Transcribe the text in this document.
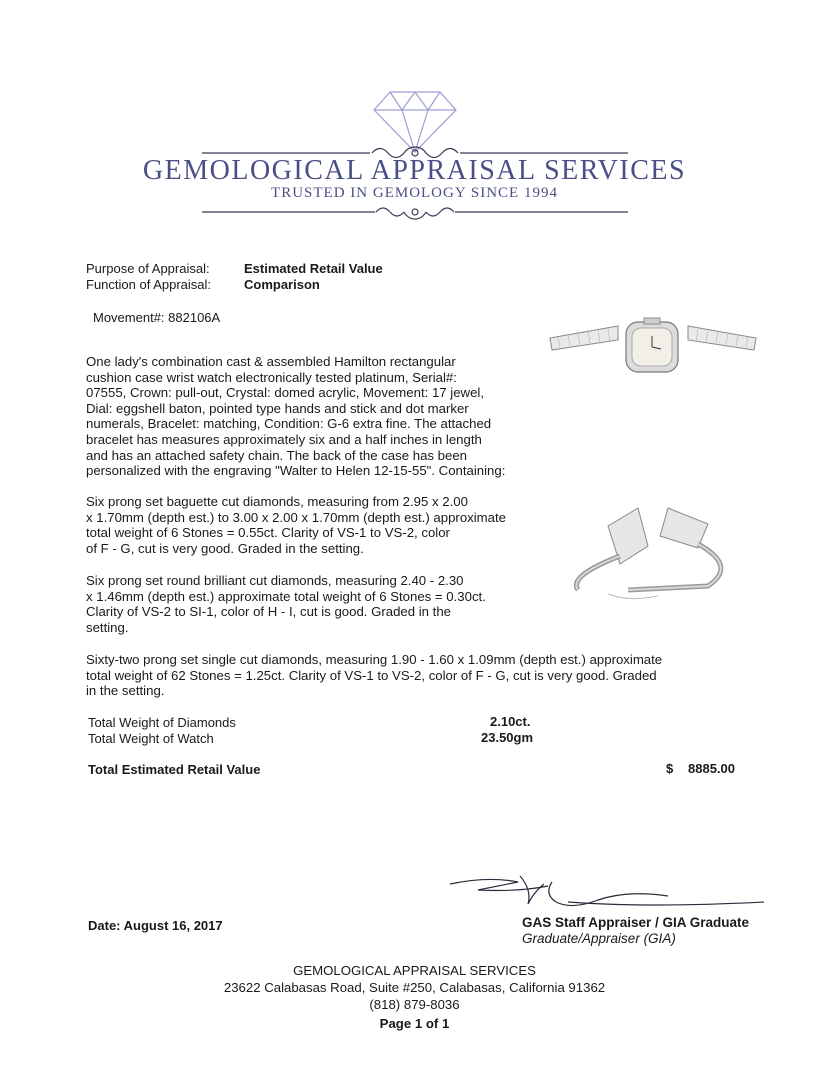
GEMOLOGICAL APPRAISAL SERVICES
TRUSTED IN GEMOLOGY SINCE 1994
Purpose of Appraisal:	Estimated Retail Value
Function of Appraisal:	Comparison
Movement#: 882106A
One lady's combination cast & assembled Hamilton rectangular
cushion case wrist watch electronically tested platinum, Serial#:
07555, Crown: pull-out, Crystal: domed acrylic, Movement: 17 jewel,
Dial: eggshell baton, pointed type hands and stick and dot marker
numerals, Bracelet: matching, Condition: G-6 extra fine. The attached
bracelet has measures approximately six and a half inches in length
and has an attached safety chain. The back of the case has been
personalized with the engraving "Walter to Helen 12-15-55". Containing:
Six prong set baguette cut diamonds, measuring from 2.95 x 2.00
x 1.70mm (depth est.) to 3.00 x 2.00 x 1.70mm (depth est.) approximate
total weight of 6 Stones = 0.55ct. Clarity of VS-1 to VS-2, color
of F - G, cut is very good. Graded in the setting.
Six prong set round brilliant cut diamonds, measuring 2.40 - 2.30
x 1.46mm (depth est.) approximate total weight of 6 Stones = 0.30ct.
Clarity of VS-2 to SI-1, color of H - I, cut is good. Graded in the
setting.
Sixty-two prong set single cut diamonds, measuring 1.90 - 1.60 x 1.09mm (depth est.) approximate
total weight of 62 Stones = 1.25ct. Clarity of VS-1 to VS-2, color of F - G, cut is very good. Graded
in the setting.
Total Weight of Diamonds	2.10ct.
Total Weight of Watch	23.50gm
Total Estimated Retail Value	$ 8885.00
GAS Staff Appraiser / GIA Graduate
Graduate/Appraiser (GIA)
Date: August 16, 2017
GEMOLOGICAL APPRAISAL SERVICES
23622 Calabasas Road, Suite #250, Calabasas, California 91362
(818) 879-8036
Page 1 of 1
